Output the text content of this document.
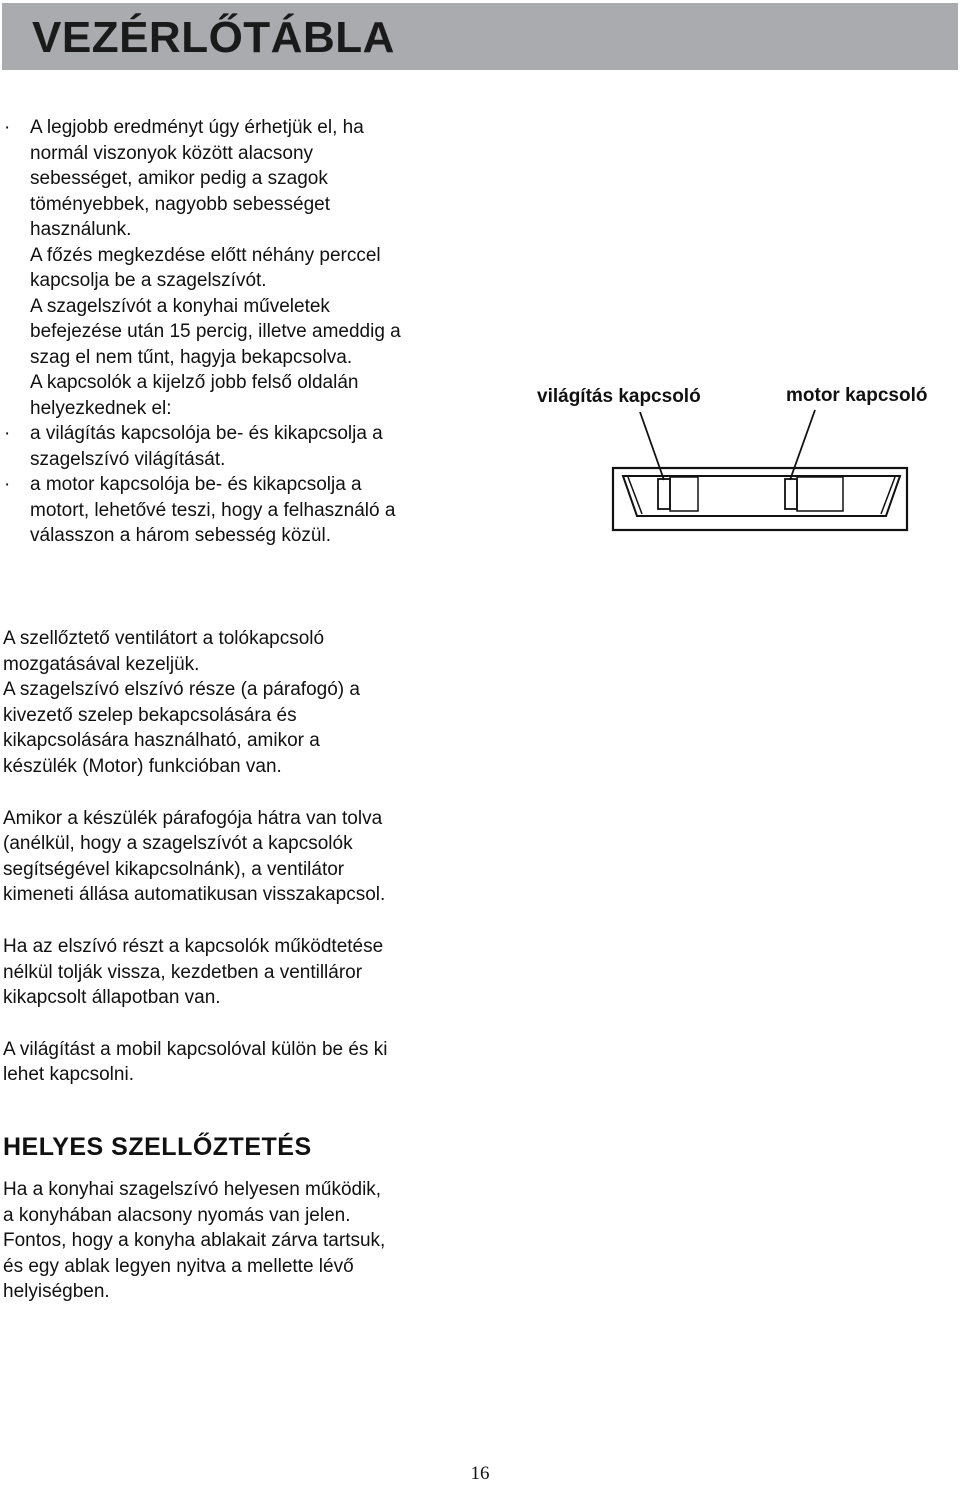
VEZÉRLŐTÁBLA
· A legjobb eredményt úgy érhetjük el, ha
normál viszonyok között alacsony
sebességet, amikor pedig a szagok
töményebbek, nagyobb sebességet
használunk.
A főzés megkezdése előtt néhány perccel
kapcsolja be a szagelszívót.
A szagelszívót a konyhai műveletek
befejezése után 15 percig, illetve ameddig a
szag el nem tűnt, hagyja bekapcsolva.
A kapcsolók a kijelző jobb felső oldalán
helyezkednek el:
· a világítás kapcsolója be- és kikapcsolja a
szagelszívó világítását.
· a motor kapcsolója be- és kikapcsolja a
motort, lehetővé teszi, hogy a felhasználó a
válasszon a három sebesség közül.
világítás kapcsoló	motor kapcsoló

A szellőztető ventilátort a tolókapcsoló
mozgatásával kezeljük.
A szagelszívó elszívó része (a párafogó) a
kivezető szelep bekapcsolására és
kikapcsolására használható, amikor a
készülék (Motor) funkcióban van.

Amikor a készülék párafogója hátra van tolva
(anélkül, hogy a szagelszívót a kapcsolók
segítségével kikapcsolnánk), a ventilátor
kimeneti állása automatikusan visszakapcsol.

Ha az elszívó részt a kapcsolók működtetése
nélkül tolják vissza, kezdetben a ventilláror
kikapcsolt állapotban van.

A világítást a mobil kapcsolóval külön be és ki
lehet kapcsolni.

HELYES SZELLŐZTETÉS

Ha a konyhai szagelszívó helyesen működik,
a konyhában alacsony nyomás van jelen.
Fontos, hogy a konyha ablakait zárva tartsuk,
és egy ablak legyen nyitva a mellette lévő
helyiségben.

16
